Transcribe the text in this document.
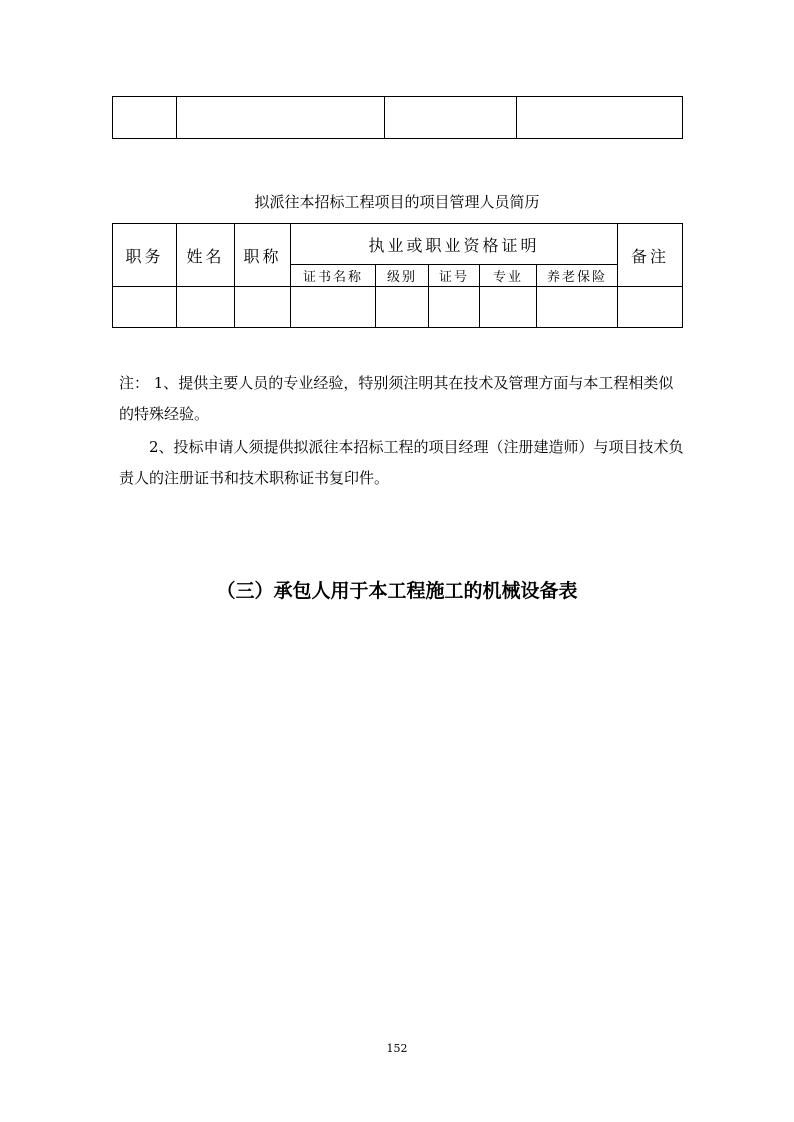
拟派往本招标工程项目的项目管理人员简历
职务	姓名	职称	执业或职业资格证明					备注
			证书名称	级别	证号	专业	养老保险	

注： 1、提供主要人员的专业经验，特别须注明其在技术及管理方面与本工程相类似的特殊经验。

2、投标申请人须提供拟派往本招标工程的项目经理（注册建造师）与项目技术负责人的注册证书和技术职称证书复印件。

（三）承包人用于本工程施工的机械设备表
152
